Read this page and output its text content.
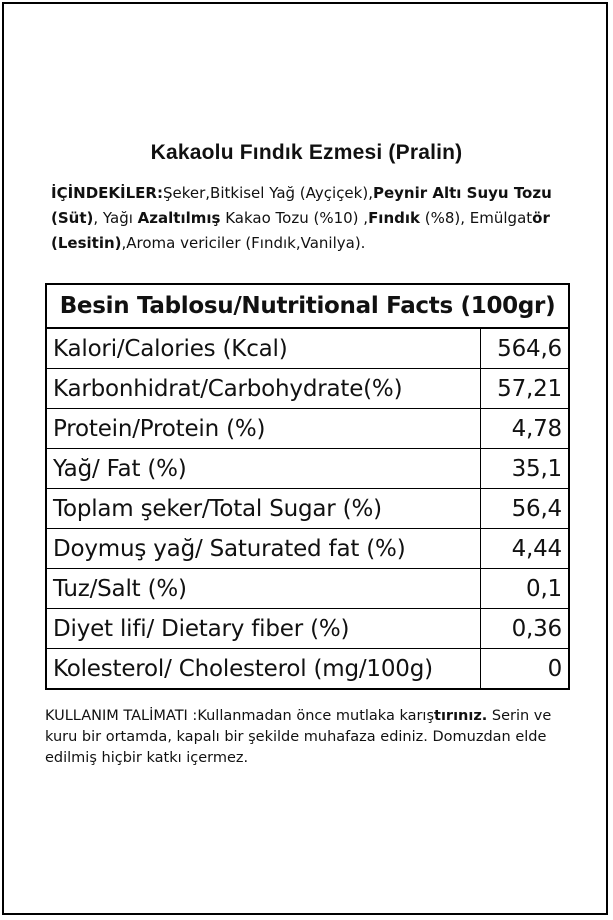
Kakaolu Fındık Ezmesi (Pralin)

İÇİNDEKİLER:Şeker,Bitkisel Yağ (Ayçiçek),Peynir Altı Suyu Tozu (Süt), Yağı Azaltılmış Kakao Tozu (%10) ,Fındık (%8), Emülgatör (Lesitin),Aroma vericiler (Fındık,Vanilya).

Besin Tablosu/Nutritional Facts (100gr)	
Kalori/Calories (Kcal)	564,6
Karbonhidrat/Carbohydrate(%)	57,21
Protein/Protein (%)	4,78
Yağ/ Fat (%)	35,1
Toplam şeker/Total Sugar (%)	56,4
Doymuş yağ/ Saturated fat (%)	4,44
Tuz/Salt (%)	0,1
Diyet lifi/ Dietary fiber (%)	0,36
Kolesterol/ Cholesterol (mg/100g)	0

KULLANIM TALİMATI :Kullanmadan önce mutlaka karıştırınız. Serin ve kuru bir ortamda, kapalı bir şekilde muhafaza ediniz. Domuzdan elde edilmiş hiçbir katkı içermez.
